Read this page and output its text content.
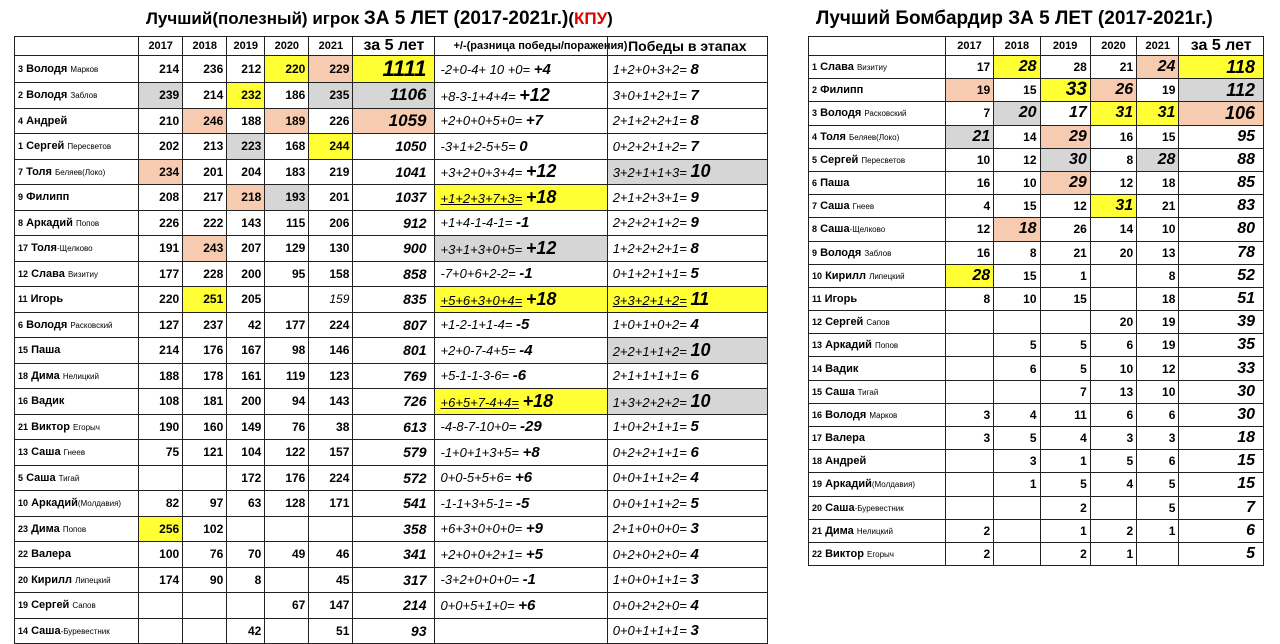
Лучший(полезный) игрок ЗА 5 ЛЕТ (2017-2021г.)(КПУ)	Лучший Бомбардир ЗА 5 ЛЕТ (2017-2021г.)
	2017	2018	2019	2020	2021	за 5 лет	+/-(разница победы/поражения)	Победы в этапах
3 Володя Марков	214	236	212	220	229	1111	-2+0-4+ 10 +0= +4	1+2+0+3+2= 8
2 Володя Заблов	239	214	232	186	235	1106	+8-3-1+4+4= +12	3+0+1+2+1= 7
4 Андрей	210	246	188	189	226	1059	+2+0+0+5+0= +7	2+1+2+2+1= 8
1 Сергей Пересветов	202	213	223	168	244	1050	-3+1+2-5+5= 0	0+2+2+1+2= 7
7 Толя Беляев(Локо)	234	201	204	183	219	1041	+3+2+0+3+4= +12	3+2+1+1+3= 10
9 Филипп	208	217	218	193	201	1037	+1+2+3+7+3= +18	2+1+2+3+1= 9
8 Аркадий Попов	226	222	143	115	206	912	+1+4-1-4-1= -1	2+2+2+1+2= 9
17 Толя-Щелково	191	243	207	129	130	900	+3+1+3+0+5= +12	1+2+2+2+1= 8
12 Слава Визитиу	177	228	200	95	158	858	-7+0+6+2-2= -1	0+1+2+1+1= 5
11 Игорь	220	251	205		159	835	+5+6+3+0+4= +18	3+3+2+1+2= 11
6 Володя Расковский	127	237	42	177	224	807	+1-2-1+1-4= -5	1+0+1+0+2= 4
15 Паша	214	176	167	98	146	801	+2+0-7-4+5= -4	2+2+1+1+2= 10
18 Дима Нелицкий	188	178	161	119	123	769	+5-1-1-3-6= -6	2+1+1+1+1= 6
16 Вадик	108	181	200	94	143	726	+6+5+7-4+4= +18	1+3+2+2+2= 10
21 Виктор Егорыч	190	160	149	76	38	613	-4-8-7-10+0= -29	1+0+2+1+1= 5
13 Саша Гнеев	75	121	104	122	157	579	-1+0+1+3+5= +8	0+2+2+1+1= 6
5 Саша Тигай			172	176	224	572	0+0-5+5+6= +6	0+0+1+1+2= 4
10 Аркадий(Молдавия)	82	97	63	128	171	541	-1-1+3+5-1= -5	0+0+1+1+2= 5
23 Дима Попов	256	102				358	+6+3+0+0+0= +9	2+1+0+0+0= 3
22 Валера	100	76	70	49	46	341	+2+0+0+2+1= +5	0+2+0+2+0= 4
20 Кирилл Липецкий	174	90	8		45	317	-3+2+0+0+0= -1	1+0+0+1+1= 3
19 Сергей Сапов				67	147	214	0+0+5+1+0= +6	0+0+2+2+0= 4
14 Саша-Буревестник			42		51	93		0+0+1+1+1= 3
	2017	2018	2019	2020	2021	за 5 лет
1 Слава Визитиу	17	28	28	21	24	118
2 Филипп	19	15	33	26	19	112
3 Володя Расковский	7	20	17	31	31	106
4 Толя Беляев(Локо)	21	14	29	16	15	95
5 Сергей Пересветов	10	12	30	8	28	88
6 Паша	16	10	29	12	18	85
7 Саша Гнеев	4	15	12	31	21	83
8 Саша-Щелково	12	18	26	14	10	80
9 Володя Заблов	16	8	21	20	13	78
10 Кирилл Липецкий	28	15	1		8	52
11 Игорь	8	10	15		18	51
12 Сергей Сапов				20	19	39
13 Аркадий Попов		5	5	6	19	35
14 Вадик		6	5	10	12	33
15 Саша Тигай			7	13	10	30
16 Володя Марков	3	4	11	6	6	30
17 Валера	3	5	4	3	3	18
18 Андрей		3	1	5	6	15
19 Аркадий(Молдавия)		1	5	4	5	15
20 Саша-Буревестник			2		5	7
21 Дима Нелицкий	2		1	2	1	6
22 Виктор Егорыч	2		2	1		5
